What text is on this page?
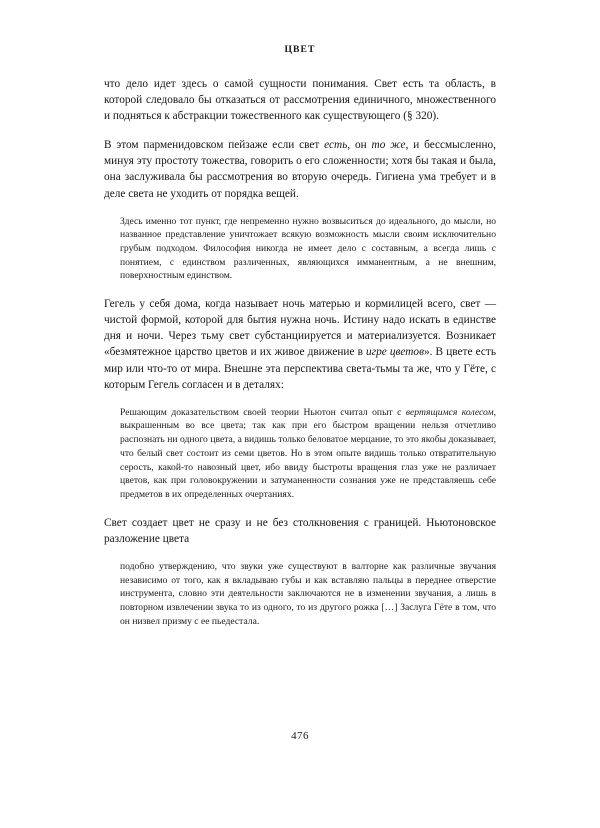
ЦВЕТ

что дело идет здесь о самой сущности понимания. Свет есть та область, в которой следовало бы отказаться от рассмотрения единичного, множественного и подняться к абстракции тожественного как существующего (§ 320).

В этом парменидовском пейзаже если свет есть, он то же, и бессмысленно, минуя эту простоту тожества, говорить о его сложенности; хотя бы такая и была, она заслуживала бы рассмотрения во вторую очередь. Гигиена ума требует и в деле света не уходить от порядка вещей.

Здесь именно тот пункт, где непременно нужно возвыситься до идеального, до мысли, но названное представление уничтожает всякую возможность мысли своим исключительно грубым подходом. Философия никогда не имеет дело с составным, а всегда лишь с понятием, с единством различенных, являющихся имманентным, а не внешним, поверхностным единством.

Гегель у себя дома, когда называет ночь матерью и кормилицей всего, свет — чистой формой, которой для бытия нужна ночь. Истину надо искать в единстве дня и ночи. Через тьму свет субстанциируется и материализуется. Возникает «безмятежное царство цветов и их живое движение в игре цветов». В цвете есть мир или что-то от мира. Внешне эта перспектива света-тьмы та же, что у Гёте, с которым Гегель согласен и в деталях:

Решающим доказательством своей теории Ньютон считал опыт с вертящимся колесом, выкрашенным во все цвета; так как при его быстром вращении нельзя отчетливо распознать ни одного цвета, а видишь только беловатое мерцание, то это якобы доказывает, что белый свет состоит из семи цветов. Но в этом опыте видишь только отвратительную серость, какой-то навозный цвет, ибо ввиду быстроты вращения глаз уже не различает цветов, как при головокружении и затуманенности сознания уже не представляешь себе предметов в их определенных очертаниях.

Свет создает цвет не сразу и не без столкновения с границей. Ньютоновское разложение цвета

подобно утверждению, что звуки уже существуют в валторне как различные звучания независимо от того, как я вкладываю губы и как вставляю пальцы в переднее отверстие инструмента, словно эти деятельности заключаются не в изменении звучания, а лишь в повторном извлечении звука то из одного, то из другого рожка […] Заслуга Гёте в том, что он низвел призму с ее пьедестала.

476
